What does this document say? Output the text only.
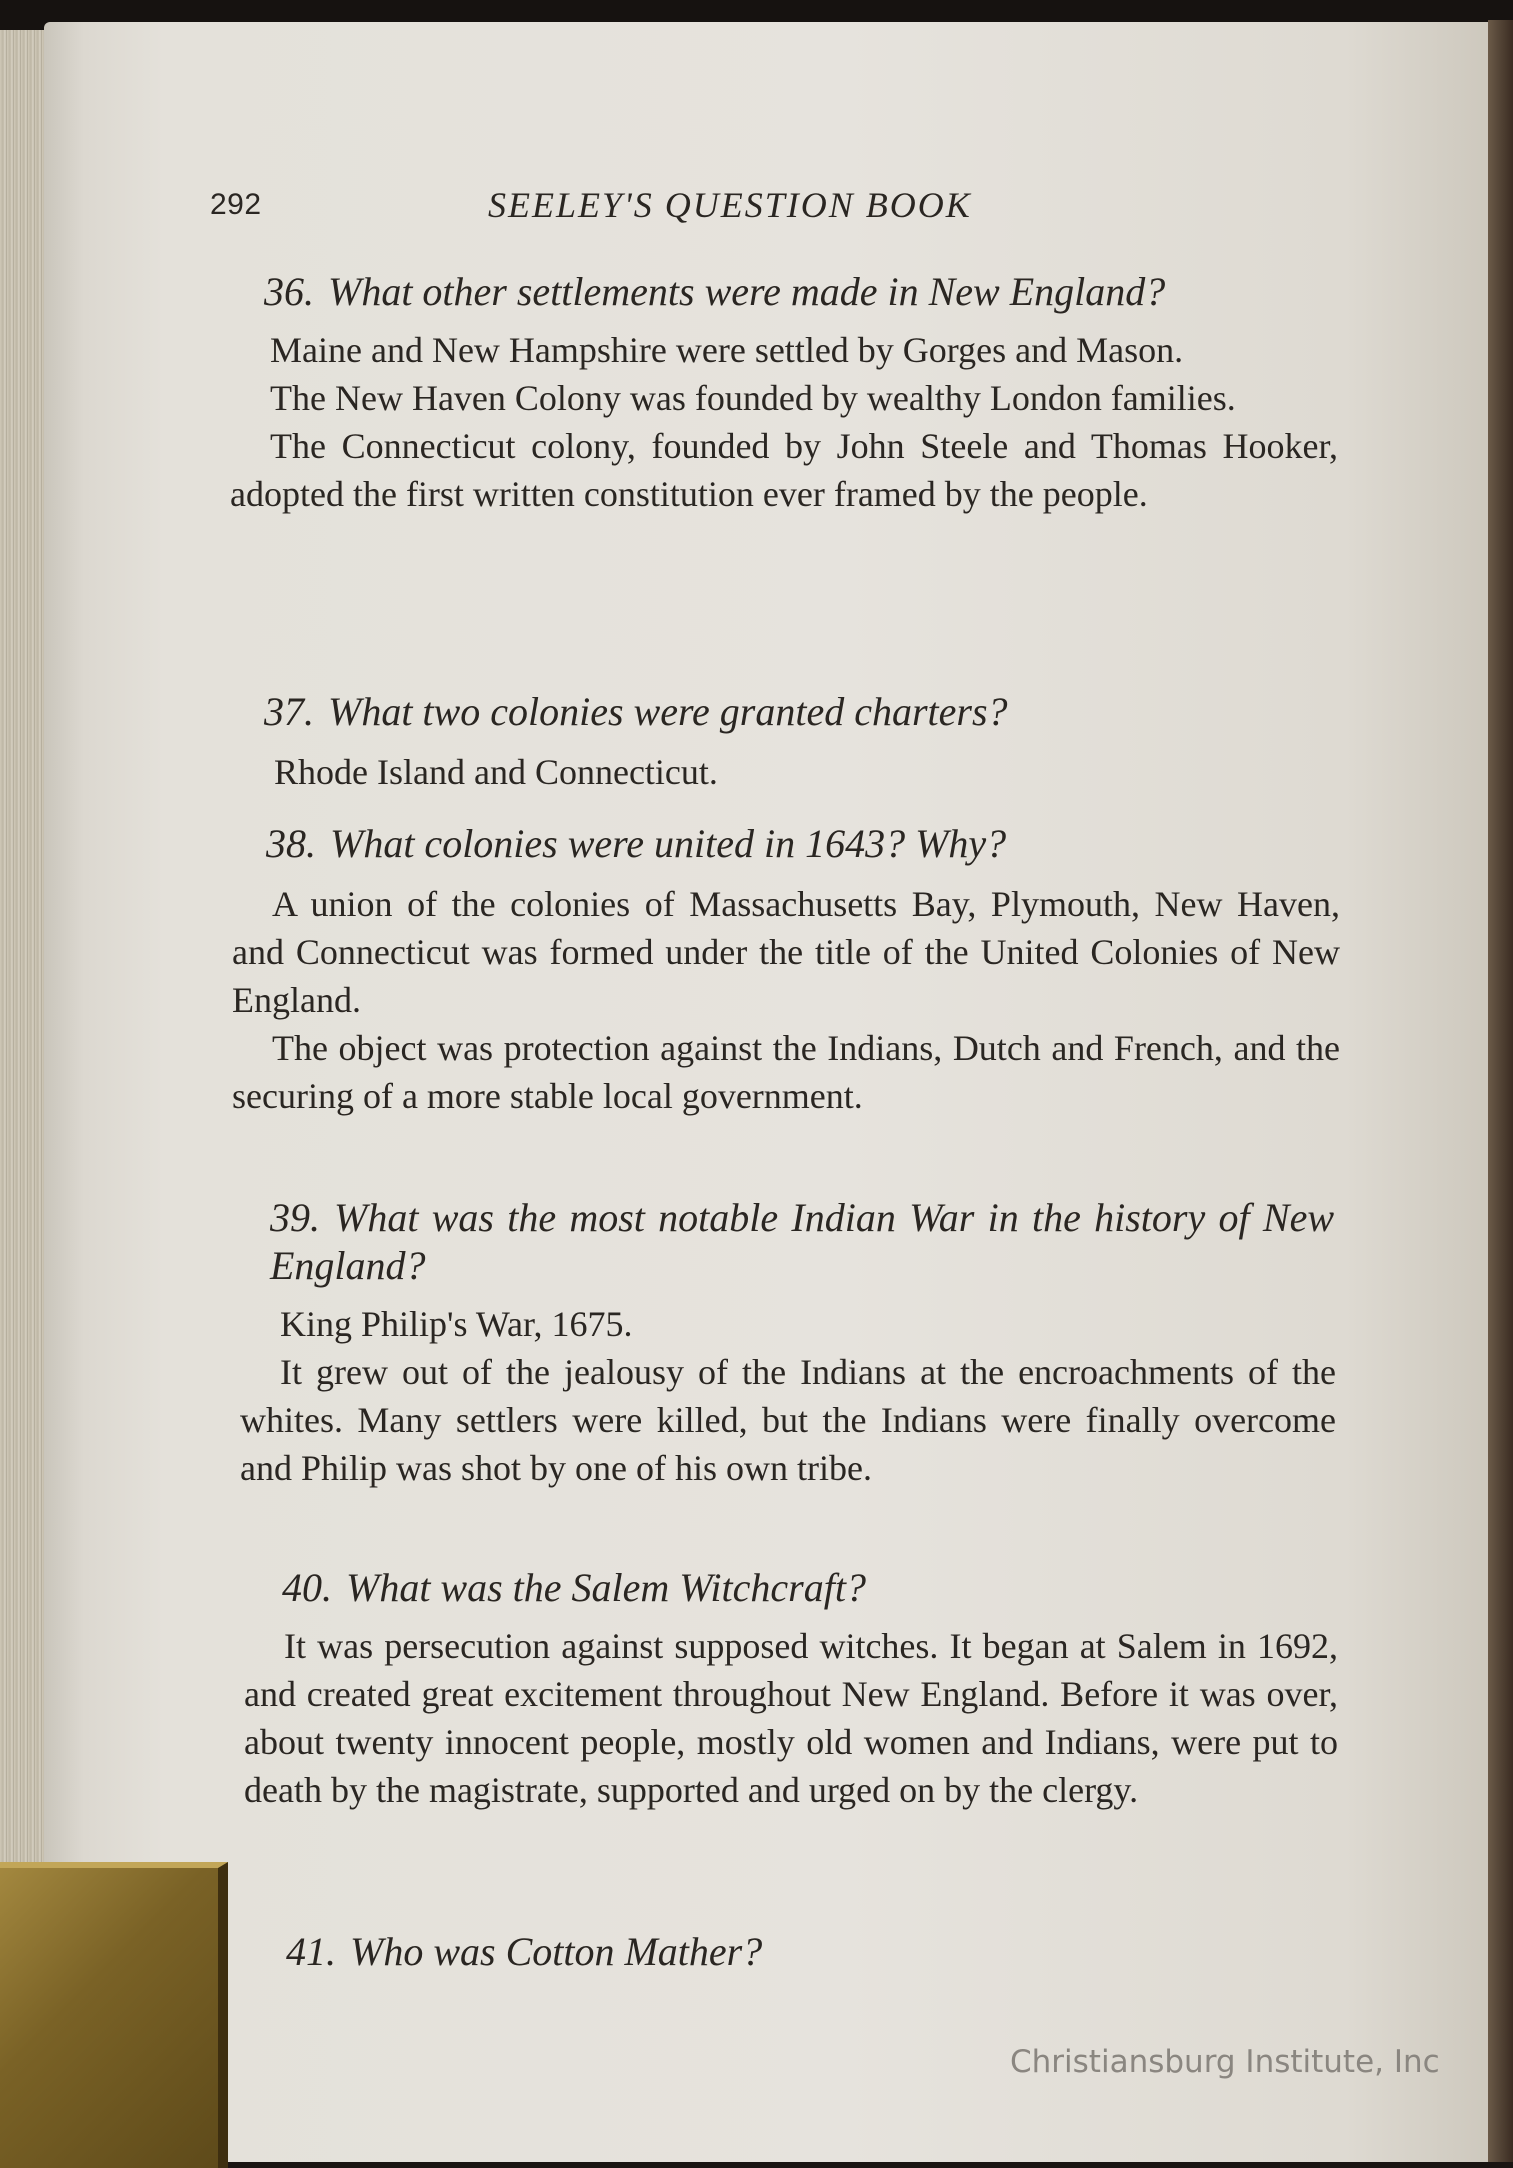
292	SEELEY'S QUESTION BOOK
36. What other settlements were made in New England?

Maine and New Hampshire were settled by Gorges and Mason.

The New Haven Colony was founded by wealthy London families.

The Connecticut colony, founded by John Steele and Thomas Hooker, adopted the first written constitution ever framed by the people.

37. What two colonies were granted charters?

Rhode Island and Connecticut.

38. What colonies were united in 1643? Why?

A union of the colonies of Massachusetts Bay, Plymouth, New Haven, and Connecticut was formed under the title of the United Colonies of New England.

The object was protection against the Indians, Dutch and French, and the securing of a more stable local government.

39. What was the most notable Indian War in the history of New England?

King Philip's War, 1675.

It grew out of the jealousy of the Indians at the encroachments of the whites. Many settlers were killed, but the Indians were finally overcome and Philip was shot by one of his own tribe.

40. What was the Salem Witchcraft?

It was persecution against supposed witches. It began at Salem in 1692, and created great excitement throughout New England. Before it was over, about twenty innocent people, mostly old women and Indians, were put to death by the magistrate, supported and urged on by the clergy.

41. Who was Cotton Mather?
Christiansburg Institute, Inc
